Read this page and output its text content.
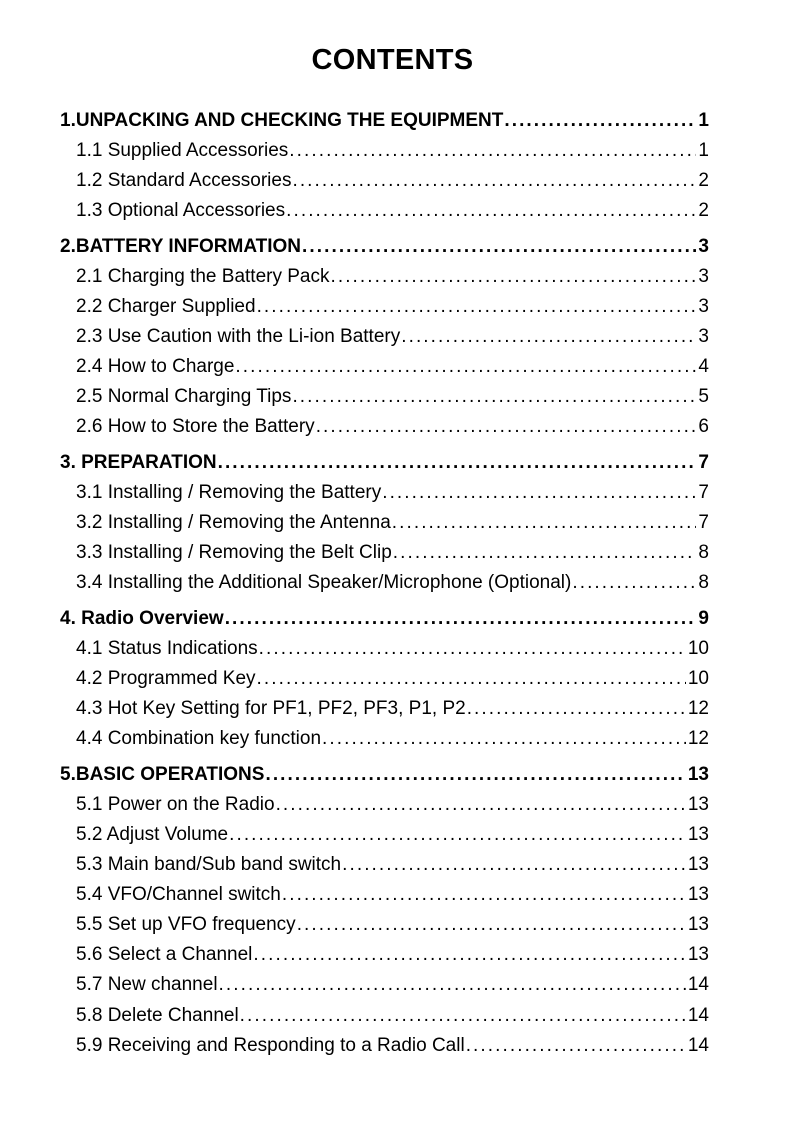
CONTENTS
1.UNPACKING AND CHECKING THE EQUIPMENT . . .	1
1.1 Supplied Accessories . . .	1
1.2 Standard Accessories . . .	2
1.3 Optional Accessories . . .	2
2.BATTERY INFORMATION . . .	3
2.1 Charging the Battery Pack . . .	3
2.2 Charger Supplied . . .	3
2.3 Use Caution with the Li-ion Battery . . .	3
2.4 How to Charge . . .	4
2.5 Normal Charging Tips . . .	5
2.6 How to Store the Battery . . .	6
3. PREPARATION . . .	7
3.1 Installing / Removing the Battery . . .	7
3.2 Installing / Removing the Antenna . . .	7
3.3 Installing / Removing the Belt Clip . . .	8
3.4 Installing the Additional Speaker/Microphone (Optional) . . .	8
4. Radio Overview . . .	9
4.1 Status Indications . . .	10
4.2 Programmed Key . . .	10
4.3 Hot Key Setting for PF1, PF2, PF3, P1, P2 . . .	12
4.4 Combination key function . . .	12
5.BASIC OPERATIONS . . .	13
5.1 Power on the Radio . . .	13
5.2 Adjust Volume . . .	13
5.3 Main band/Sub band switch . . .	13
5.4 VFO/Channel switch . . .	13
5.5 Set up VFO frequency . . .	13
5.6 Select a Channel . . .	13
5.7 New channel . . .	14
5.8 Delete Channel . . .	14
5.9 Receiving and Responding to a Radio Call . . .	14
